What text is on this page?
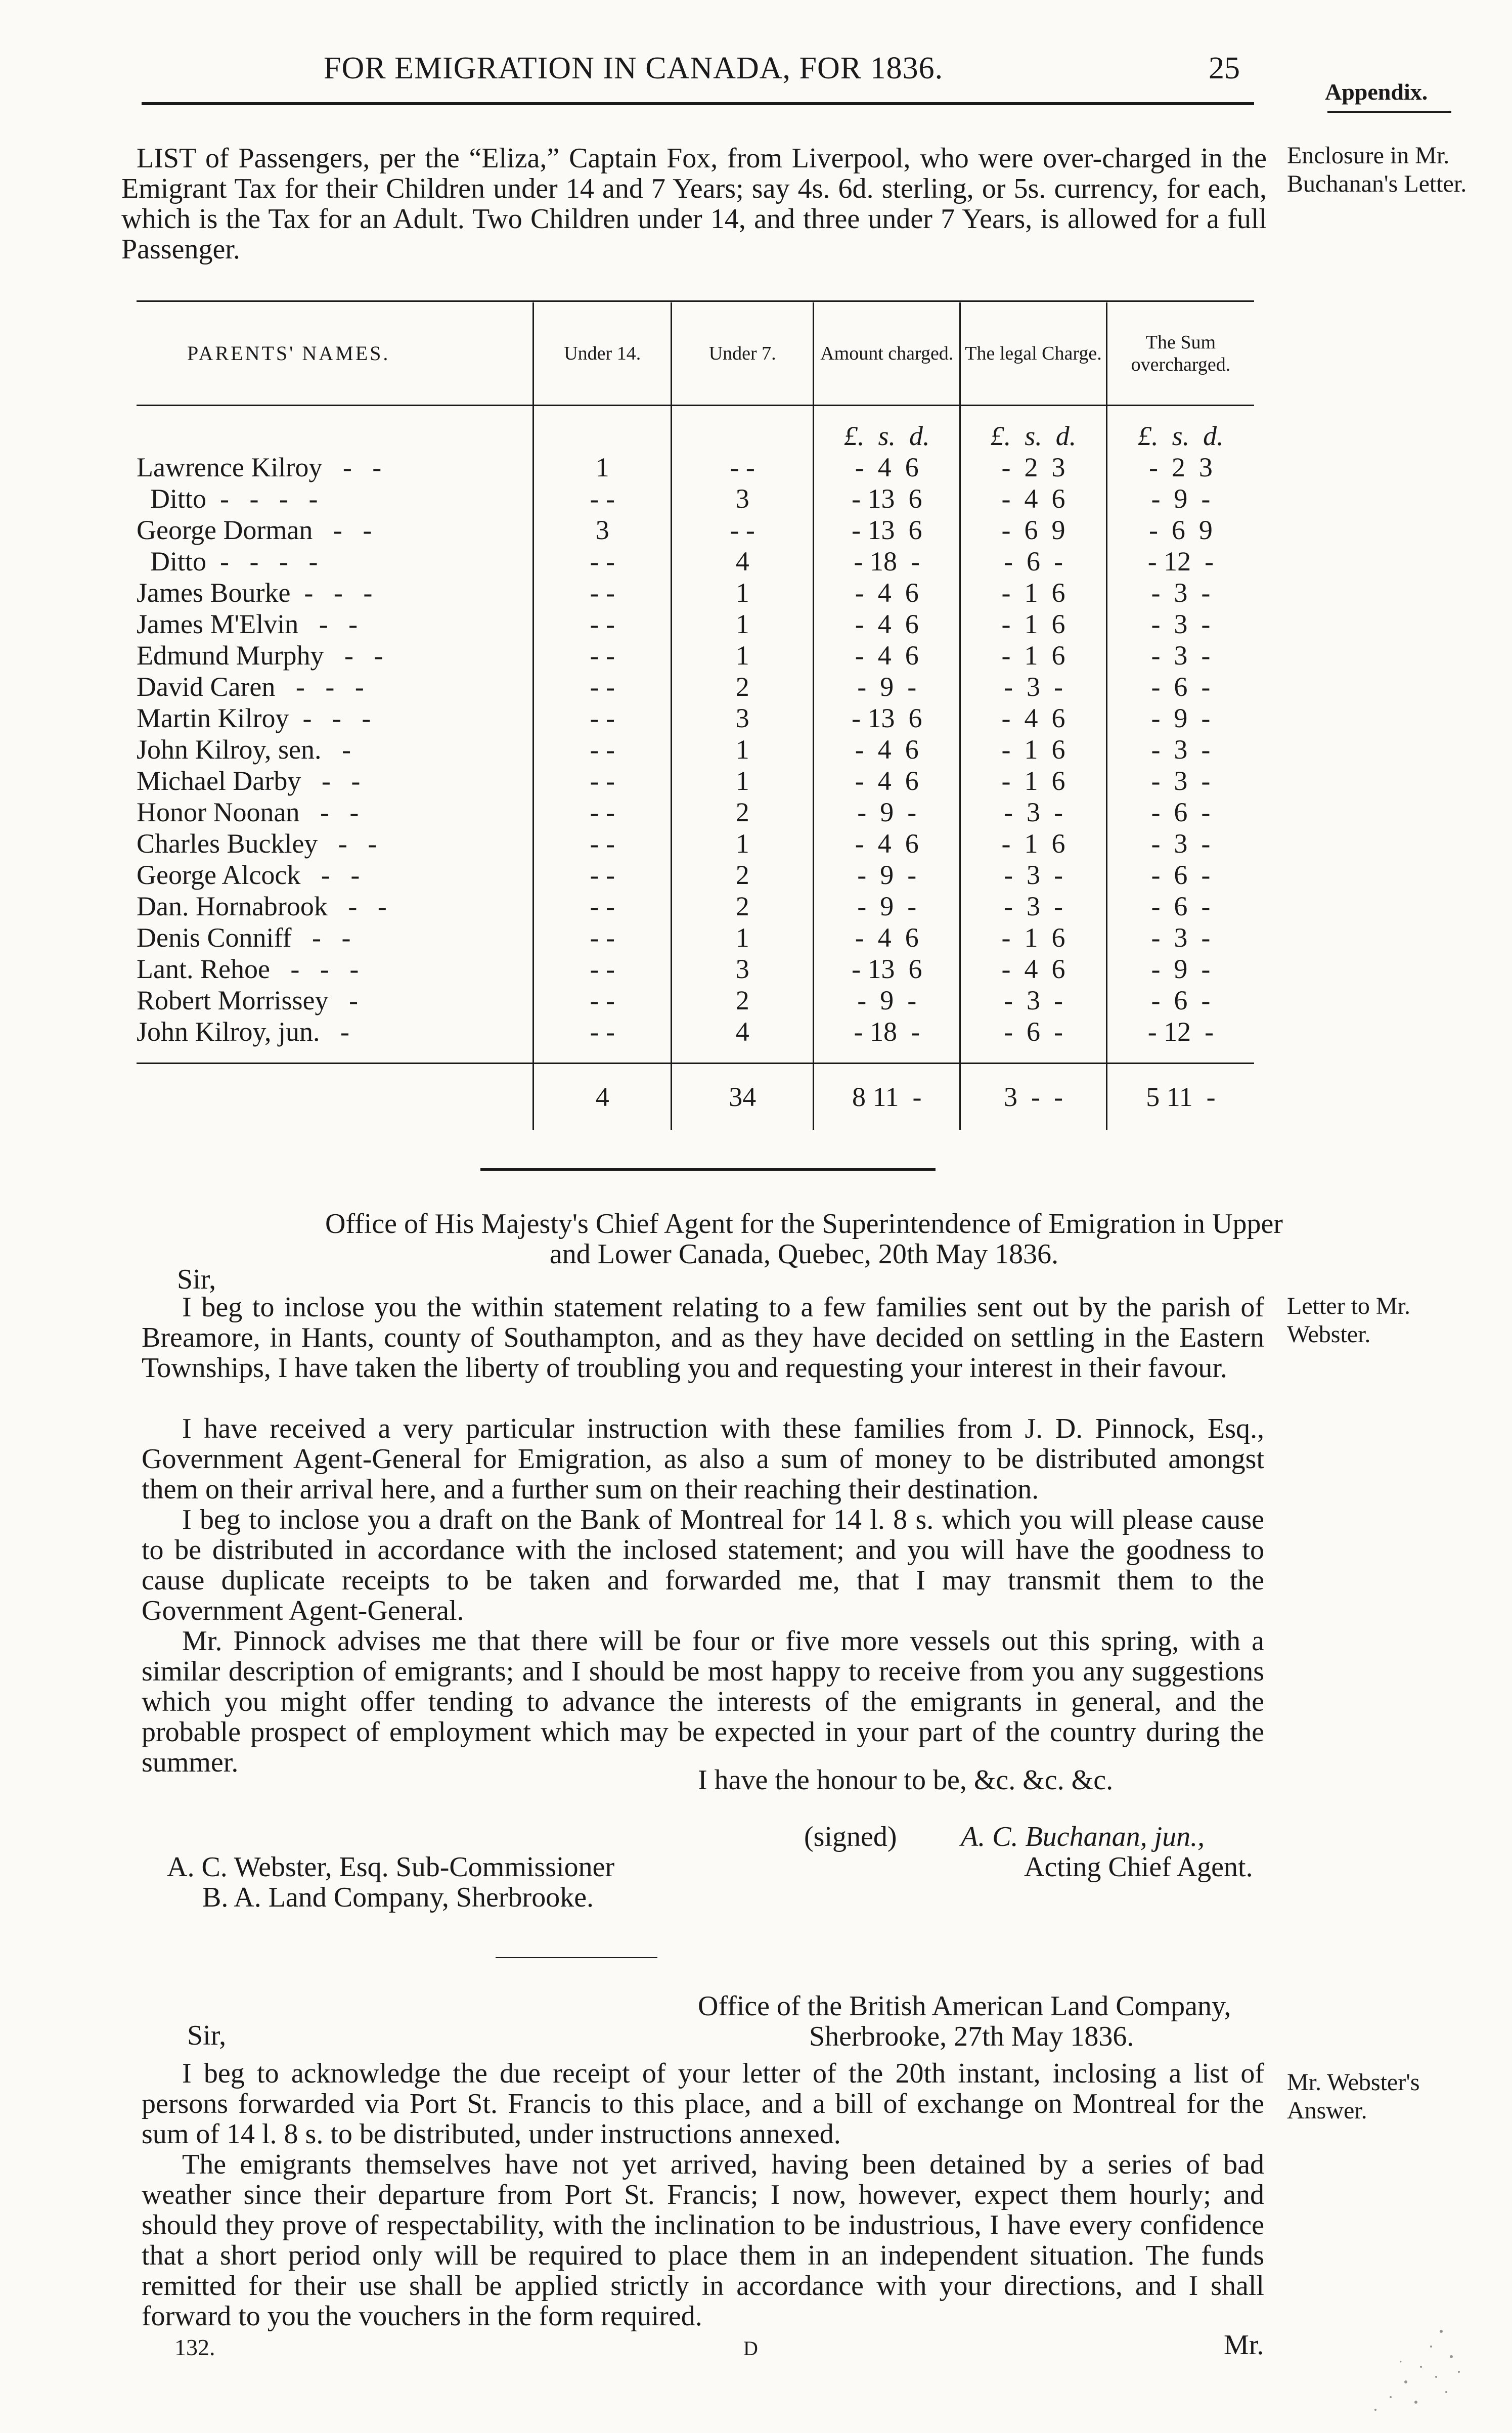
FOR EMIGRATION IN CANADA, FOR 1836.	25
Appendix.
Enclosure in Mr. Buchanan's Letter.
Letter to Mr. Webster.
Mr. Webster's Answer.
LIST of Passengers, per the “Eliza,” Captain Fox, from Liverpool, who were over-charged in the Emigrant Tax for their Children under 14 and 7 Years; say 4s. 6d. sterling, or 5s. currency, for each, which is the Tax for an Adult. Two Children under 14, and three under 7 Years, is allowed for a full Passenger.
PARENTS' NAMES.	Under 14.	Under 7.	Amount charged.	The legal Charge.	The Sum overcharged.
			£.  s.  d.	£.  s.  d.	£.  s.  d.
Lawrence Kilroy   -   -	1	- -	-  4  6	-  2  3	-  2  3
Ditto  -   -   -   -	- -	3	- 13  6	-  4  6	-  9  -
George Dorman   -   -	3	- -	- 13  6	-  6  9	-  6  9
Ditto  -   -   -   -	- -	4	- 18  -	-  6  -	- 12  -
James Bourke  -   -   -	- -	1	-  4  6	-  1  6	-  3  -
James M'Elvin   -   -	- -	1	-  4  6	-  1  6	-  3  -
Edmund Murphy   -   -	- -	1	-  4  6	-  1  6	-  3  -
David Caren   -   -   -	- -	2	-  9  -	-  3  -	-  6  -
Martin Kilroy  -   -   -	- -	3	- 13  6	-  4  6	-  9  -
John Kilroy, sen.   -	- -	1	-  4  6	-  1  6	-  3  -
Michael Darby   -   -	- -	1	-  4  6	-  1  6	-  3  -
Honor Noonan   -   -	- -	2	-  9  -	-  3  -	-  6  -
Charles Buckley   -   -	- -	1	-  4  6	-  1  6	-  3  -
George Alcock   -   -	- -	2	-  9  -	-  3  -	-  6  -
Dan. Hornabrook   -   -	- -	2	-  9  -	-  3  -	-  6  -
Denis Conniff   -   -	- -	1	-  4  6	-  1  6	-  3  -
Lant. Rehoe   -   -   -	- -	3	- 13  6	-  4  6	-  9  -
Robert Morrissey   -	- -	2	-  9  -	-  3  -	-  6  -
John Kilroy, jun.   -	- -	4	- 18  -	-  6  -	- 12  -

	4	34	8 11  -	3  -  -	5 11  -
Office of His Majesty's Chief Agent for the Superintendence of Emigration in Upper and Lower Canada, Quebec, 20th May 1836.
Sir,
I beg to inclose you the within statement relating to a few families sent out by the parish of Breamore, in Hants, county of Southampton, and as they have decided on settling in the Eastern Townships, I have taken the liberty of troubling you and requesting your interest in their favour.
I have received a very particular instruction with these families from J. D. Pinnock, Esq., Government Agent-General for Emigration, as also a sum of money to be distributed amongst them on their arrival here, and a further sum on their reaching their destination.
I beg to inclose you a draft on the Bank of Montreal for 14 l. 8 s. which you will please cause to be distributed in accordance with the inclosed statement; and you will have the goodness to cause duplicate receipts to be taken and forwarded me, that I may transmit them to the Government Agent-General.
Mr. Pinnock advises me that there will be four or five more vessels out this spring, with a similar description of emigrants; and I should be most happy to receive from you any suggestions which you might offer tending to advance the interests of the emigrants in general, and the probable prospect of employment which may be expected in your part of the country during the summer.
I have the honour to be, &c. &c. &c.
(signed) A. C. Buchanan, jun.,
Acting Chief Agent.
A. C. Webster, Esq. Sub-Commissioner
B. A. Land Company, Sherbrooke.
Office of the British American Land Company,
Sherbrooke, 27th May 1836.
Sir,
I beg to acknowledge the due receipt of your letter of the 20th instant, inclosing a list of persons forwarded via Port St. Francis to this place, and a bill of exchange on Montreal for the sum of 14 l. 8 s. to be distributed, under instructions annexed.
The emigrants themselves have not yet arrived, having been detained by a series of bad weather since their departure from Port St. Francis; I now, however, expect them hourly; and should they prove of respectability, with the inclination to be industrious, I have every confidence that a short period only will be required to place them in an independent situation. The funds remitted for their use shall be applied strictly in accordance with your directions, and I shall forward to you the vouchers in the form required.
132.	D	Mr.
